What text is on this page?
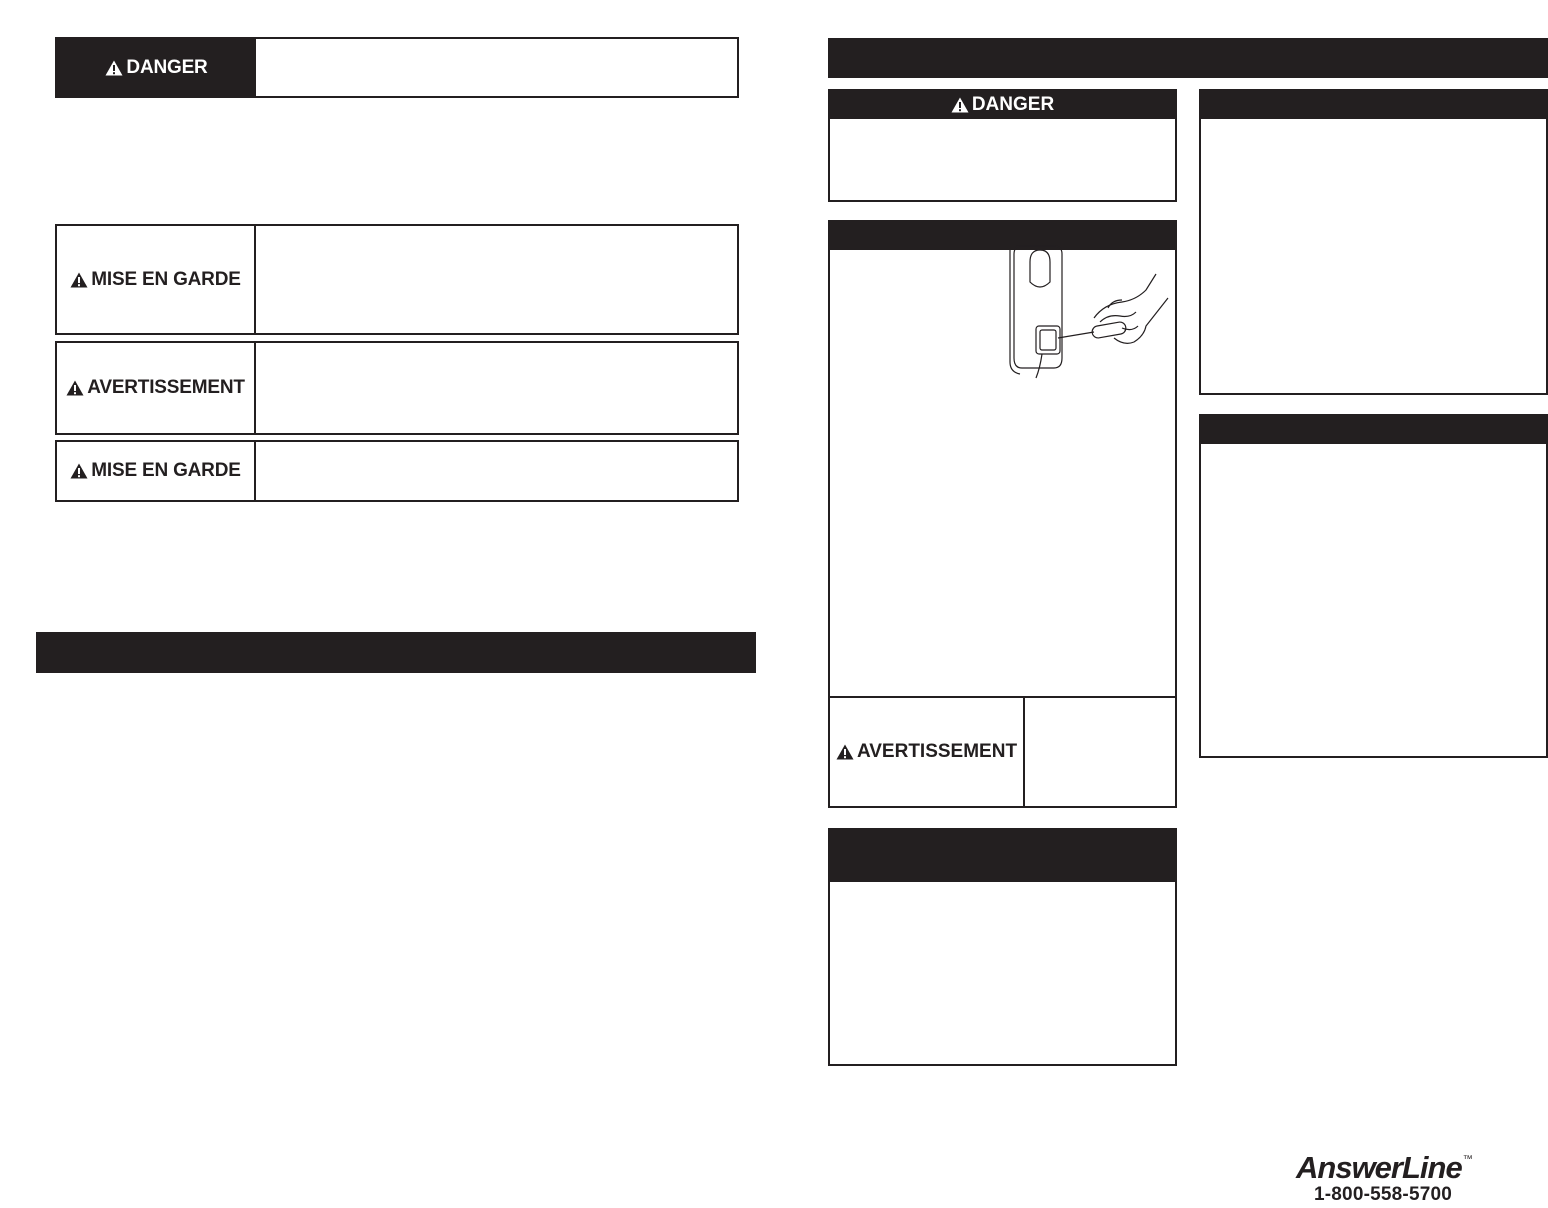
DANGER
MISE EN GARDE
AVERTISSEMENT
MISE EN GARDE
DANGER
AVERTISSEMENT
AnswerLine™
1-800-558-5700
